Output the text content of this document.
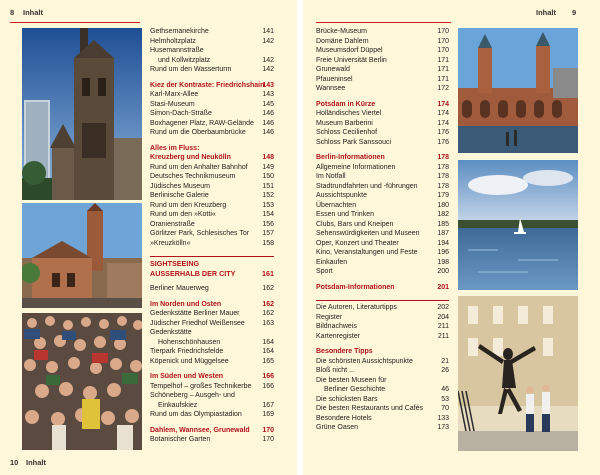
8 Inhalt
Gethsemanekirche	141
Helmholtzplatz	142
Husemannstraße
und Kollwitzplatz	142
Rund um den Wasserturm	142
Kiez der Kontraste: Friedrichshain
143
Karl-Marx-Allee	143
Stasi-Museum	145
Simon-Dach-Straße	146
Boxhagener Platz, RAW-Gelände 146
Rund um die Oberbaumbrücke 146
Alles im Fluss:
Kreuzberg und Neukölln	148
Rund um den Anhalter Bahnhof 149
Deutsches Technikmuseum	150
Jüdisches Museum	151
Berlinische Galerie	152
Rund um den Kreuzberg	153
Rund um den »Kotti«	154
Oranienstraße	156
Görlitzer Park, Schlesisches Tor 157
»Kreuzkölln«	158
SIGHTSEEING
AUSSERHALB DER CITY	161
Berliner Mauerweg	162
Im Norden und Osten	162
Gedenkstätte Berliner Mauer	162
Jüdischer Friedhof Weißensee	163
Gedenkstätte
Hohenschönhausen	164
Tierpark Friedrichsfelde	164
Köpenick und Müggelsee	165
Im Süden und Westen	166
Tempelhof – großes Technikerbe 166
Schöneberg – Ausgeh- und
Einkaufskiez	167
Rund um das Olympiastadion	169
Dahlem, Wannsee, Grunewald 170
Botanischer Garten	170
10 Inhalt
Inhalt 9
Brücke-Museum	170
Domäne Dahlem	170
Museumsdorf Düppel	170
Freie Universität Berlin	171
Grunewald	171
Pfaueninsel	171
Wannsee	172
Potsdam in Kürze	174
Holländisches Viertel	174
Museum Barberini	174
Schloss Cecilienhof	176
Schloss Park Sanssouci	176
Berlin-Informationen	178
Allgemeine Informationen	178
Im Notfall	178
Stadtrundfahrten und -führungen	178
Aussichtspunkte	179
Übernachten	180
Essen und Trinken	182
Clubs, Bars und Kneipen	185
Sehenswürdigkeiten und Museen	187
Oper, Konzert und Theater	194
Kino, Veranstaltungen und Feste	196
Einkaufen	198
Sport	200
Potsdam-Informationen	201
Die Autoren, Literaturtipps	202
Register	204
Bildnachweis	211
Kartenregister	211
Besondere Tipps
Die schönsten Aussichtspunkte	21
Bloß nicht ...	26
Die besten Museen für
Berliner Geschichte	46
Die schicksten Bars	53
Die besten Restaurants und Cafés	70
Besondere Hotels	133
Grüne Oasen	173
